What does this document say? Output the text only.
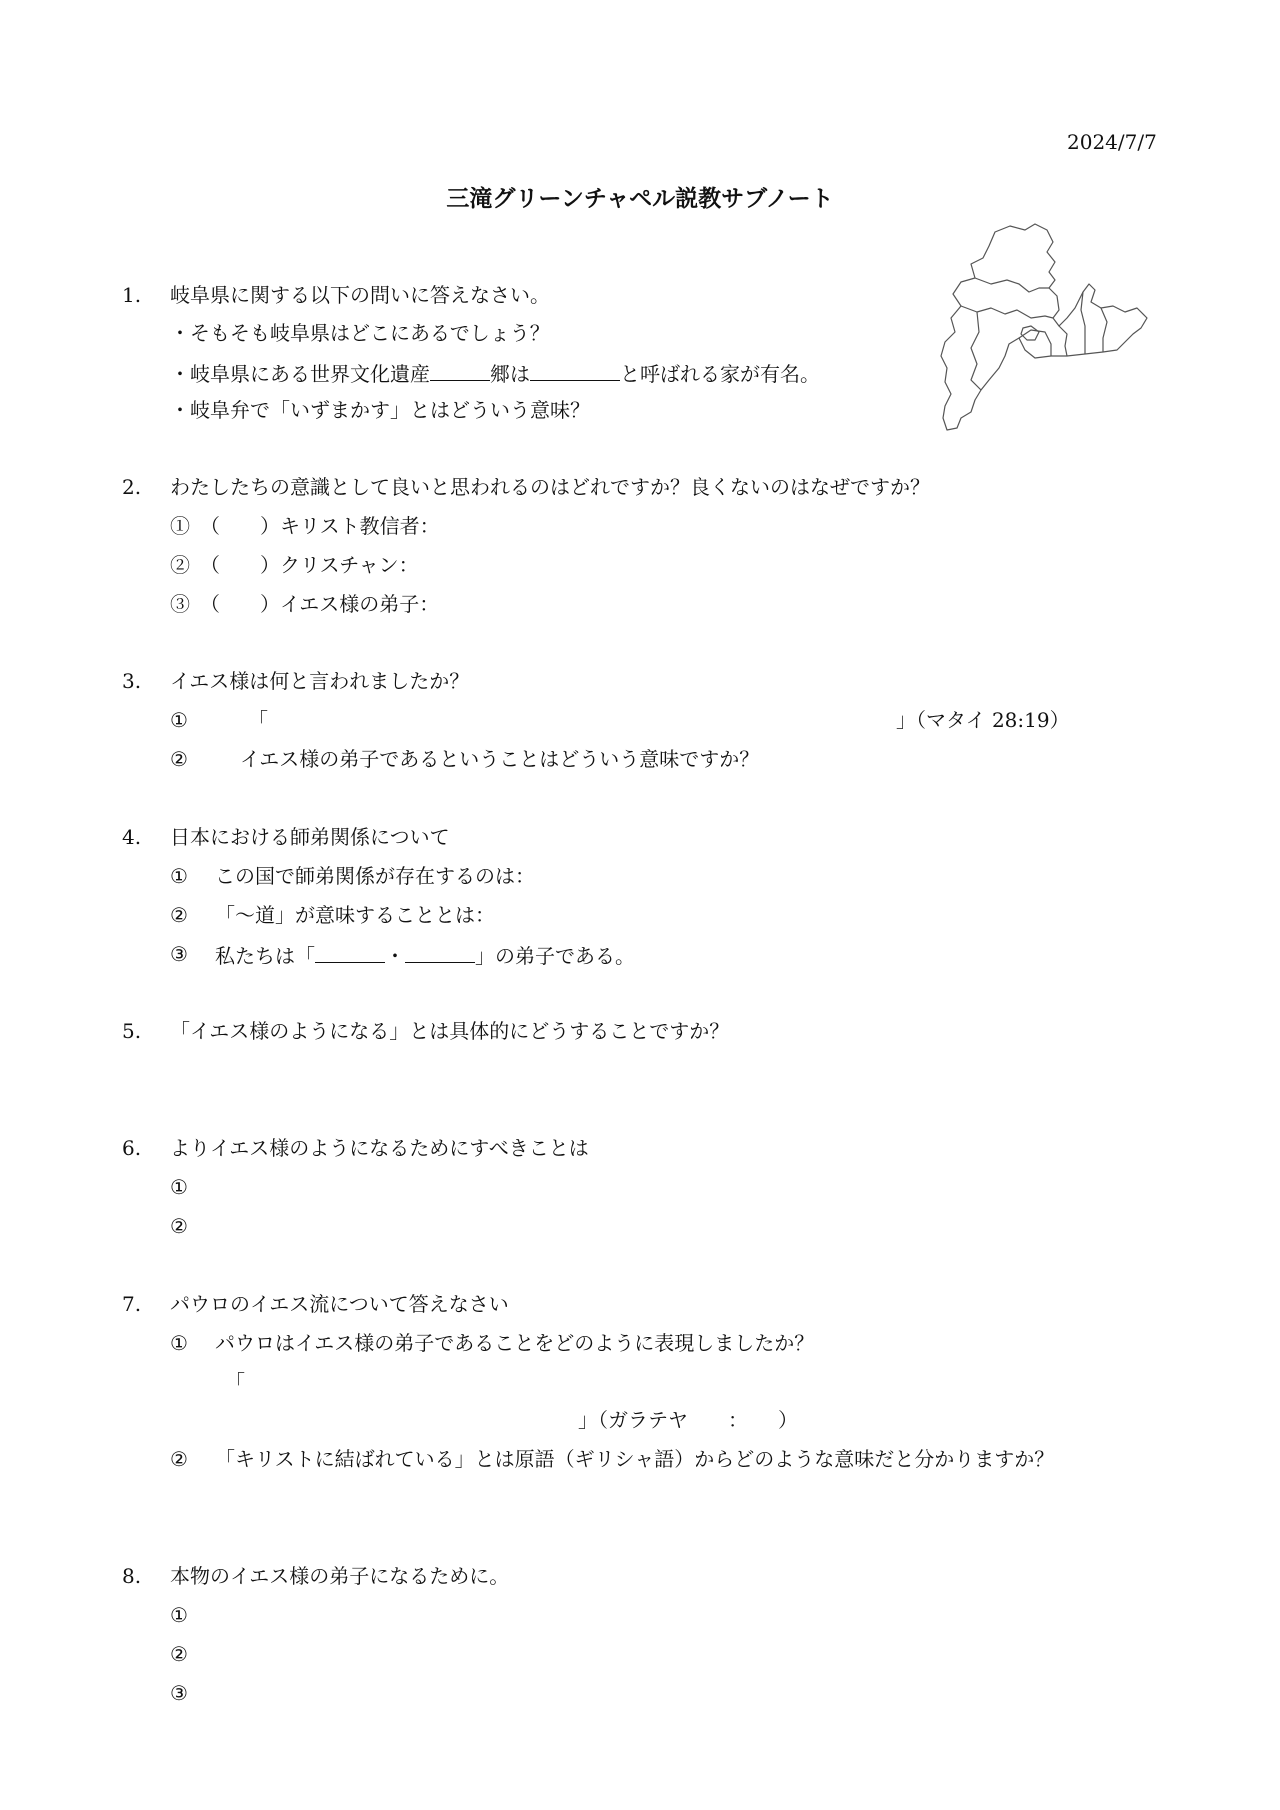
2024/7/7
三滝グリーンチャペル説教サブノート
1. 岐阜県に関する以下の問いに答えなさい。
・そもそも岐阜県はどこにあるでしょう？
・岐阜県にある世界文化遺産	郷は	と呼ばれる家が有名。
・岐阜弁で「いずまかす」とはどういう意味？
2. わたしたちの意識として良いと思われるのはどれですか？良くないのはなぜですか？
①　 （　　）キリスト教信者：
②　 （　　）クリスチャン：
③　 （　　）イエス様の弟子：
3. イエス様は何と言われましたか？
①	「	」（マタイ 28:19）
②	イエス様の弟子であるということはどういう意味ですか？
4. 日本における師弟関係について
① この国で師弟関係が存在するのは：
② 「～道」が意味することとは：
③ 私たちは「	・	」の弟子である。
5. 「イエス様のようになる」とは具体的にどうすることですか？
6. よりイエス様のようになるためにすべきことは
①
②
7. パウロのイエス流について答えなさい
① パウロはイエス様の弟子であることをどのように表現しましたか？
「
」（ガラテヤ　　：　　）
② 「キリストに結ばれている」とは原語（ギリシャ語）からどのような意味だと分かりますか？
8. 本物のイエス様の弟子になるために。
①
②
③
